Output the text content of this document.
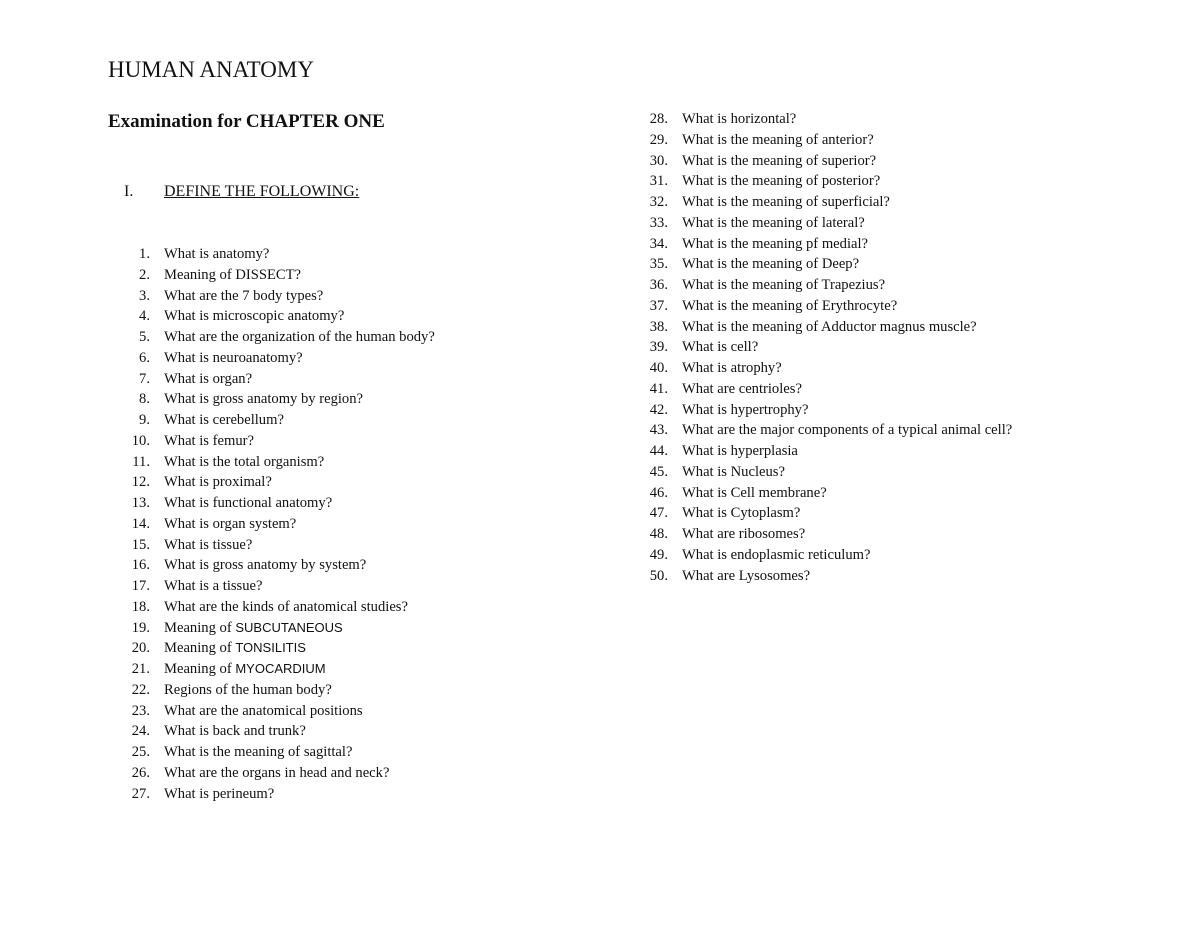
HUMAN ANATOMY
Examination for CHAPTER ONE
I. DEFINE THE FOLLOWING:
1. What is anatomy?
2. Meaning of DISSECT?
3. What are the 7 body types?
4. What is microscopic anatomy?
5. What are the organization of the human body?
6. What is neuroanatomy?
7. What is organ?
8. What is gross anatomy by region?
9. What is cerebellum?
10. What is femur?
11. What is the total organism?
12. What is proximal?
13. What is functional anatomy?
14. What is organ system?
15. What is tissue?
16. What is gross anatomy by system?
17. What is a tissue?
18. What are the kinds of anatomical studies?
19. Meaning of SUBCUTANEOUS
20. Meaning of TONSILITIS
21. Meaning of MYOCARDIUM
22. Regions of the human body?
23. What are the anatomical positions
24. What is back and trunk?
25. What is the meaning of sagittal?
26. What are the organs in head and neck?
27. What is perineum?
28. What is horizontal?
29. What is the meaning of anterior?
30. What is the meaning of superior?
31. What is the meaning of posterior?
32. What is the meaning of superficial?
33. What is the meaning of lateral?
34. What is the meaning pf medial?
35. What is the meaning of Deep?
36. What is the meaning of Trapezius?
37. What is the meaning of Erythrocyte?
38. What is the meaning of Adductor magnus muscle?
39. What is cell?
40. What is atrophy?
41. What are centrioles?
42. What is hypertrophy?
43. What are the major components of a typical animal cell?
44. What is hyperplasia
45. What is Nucleus?
46. What is Cell membrane?
47. What is Cytoplasm?
48. What are ribosomes?
49. What is endoplasmic reticulum?
50. What are Lysosomes?
